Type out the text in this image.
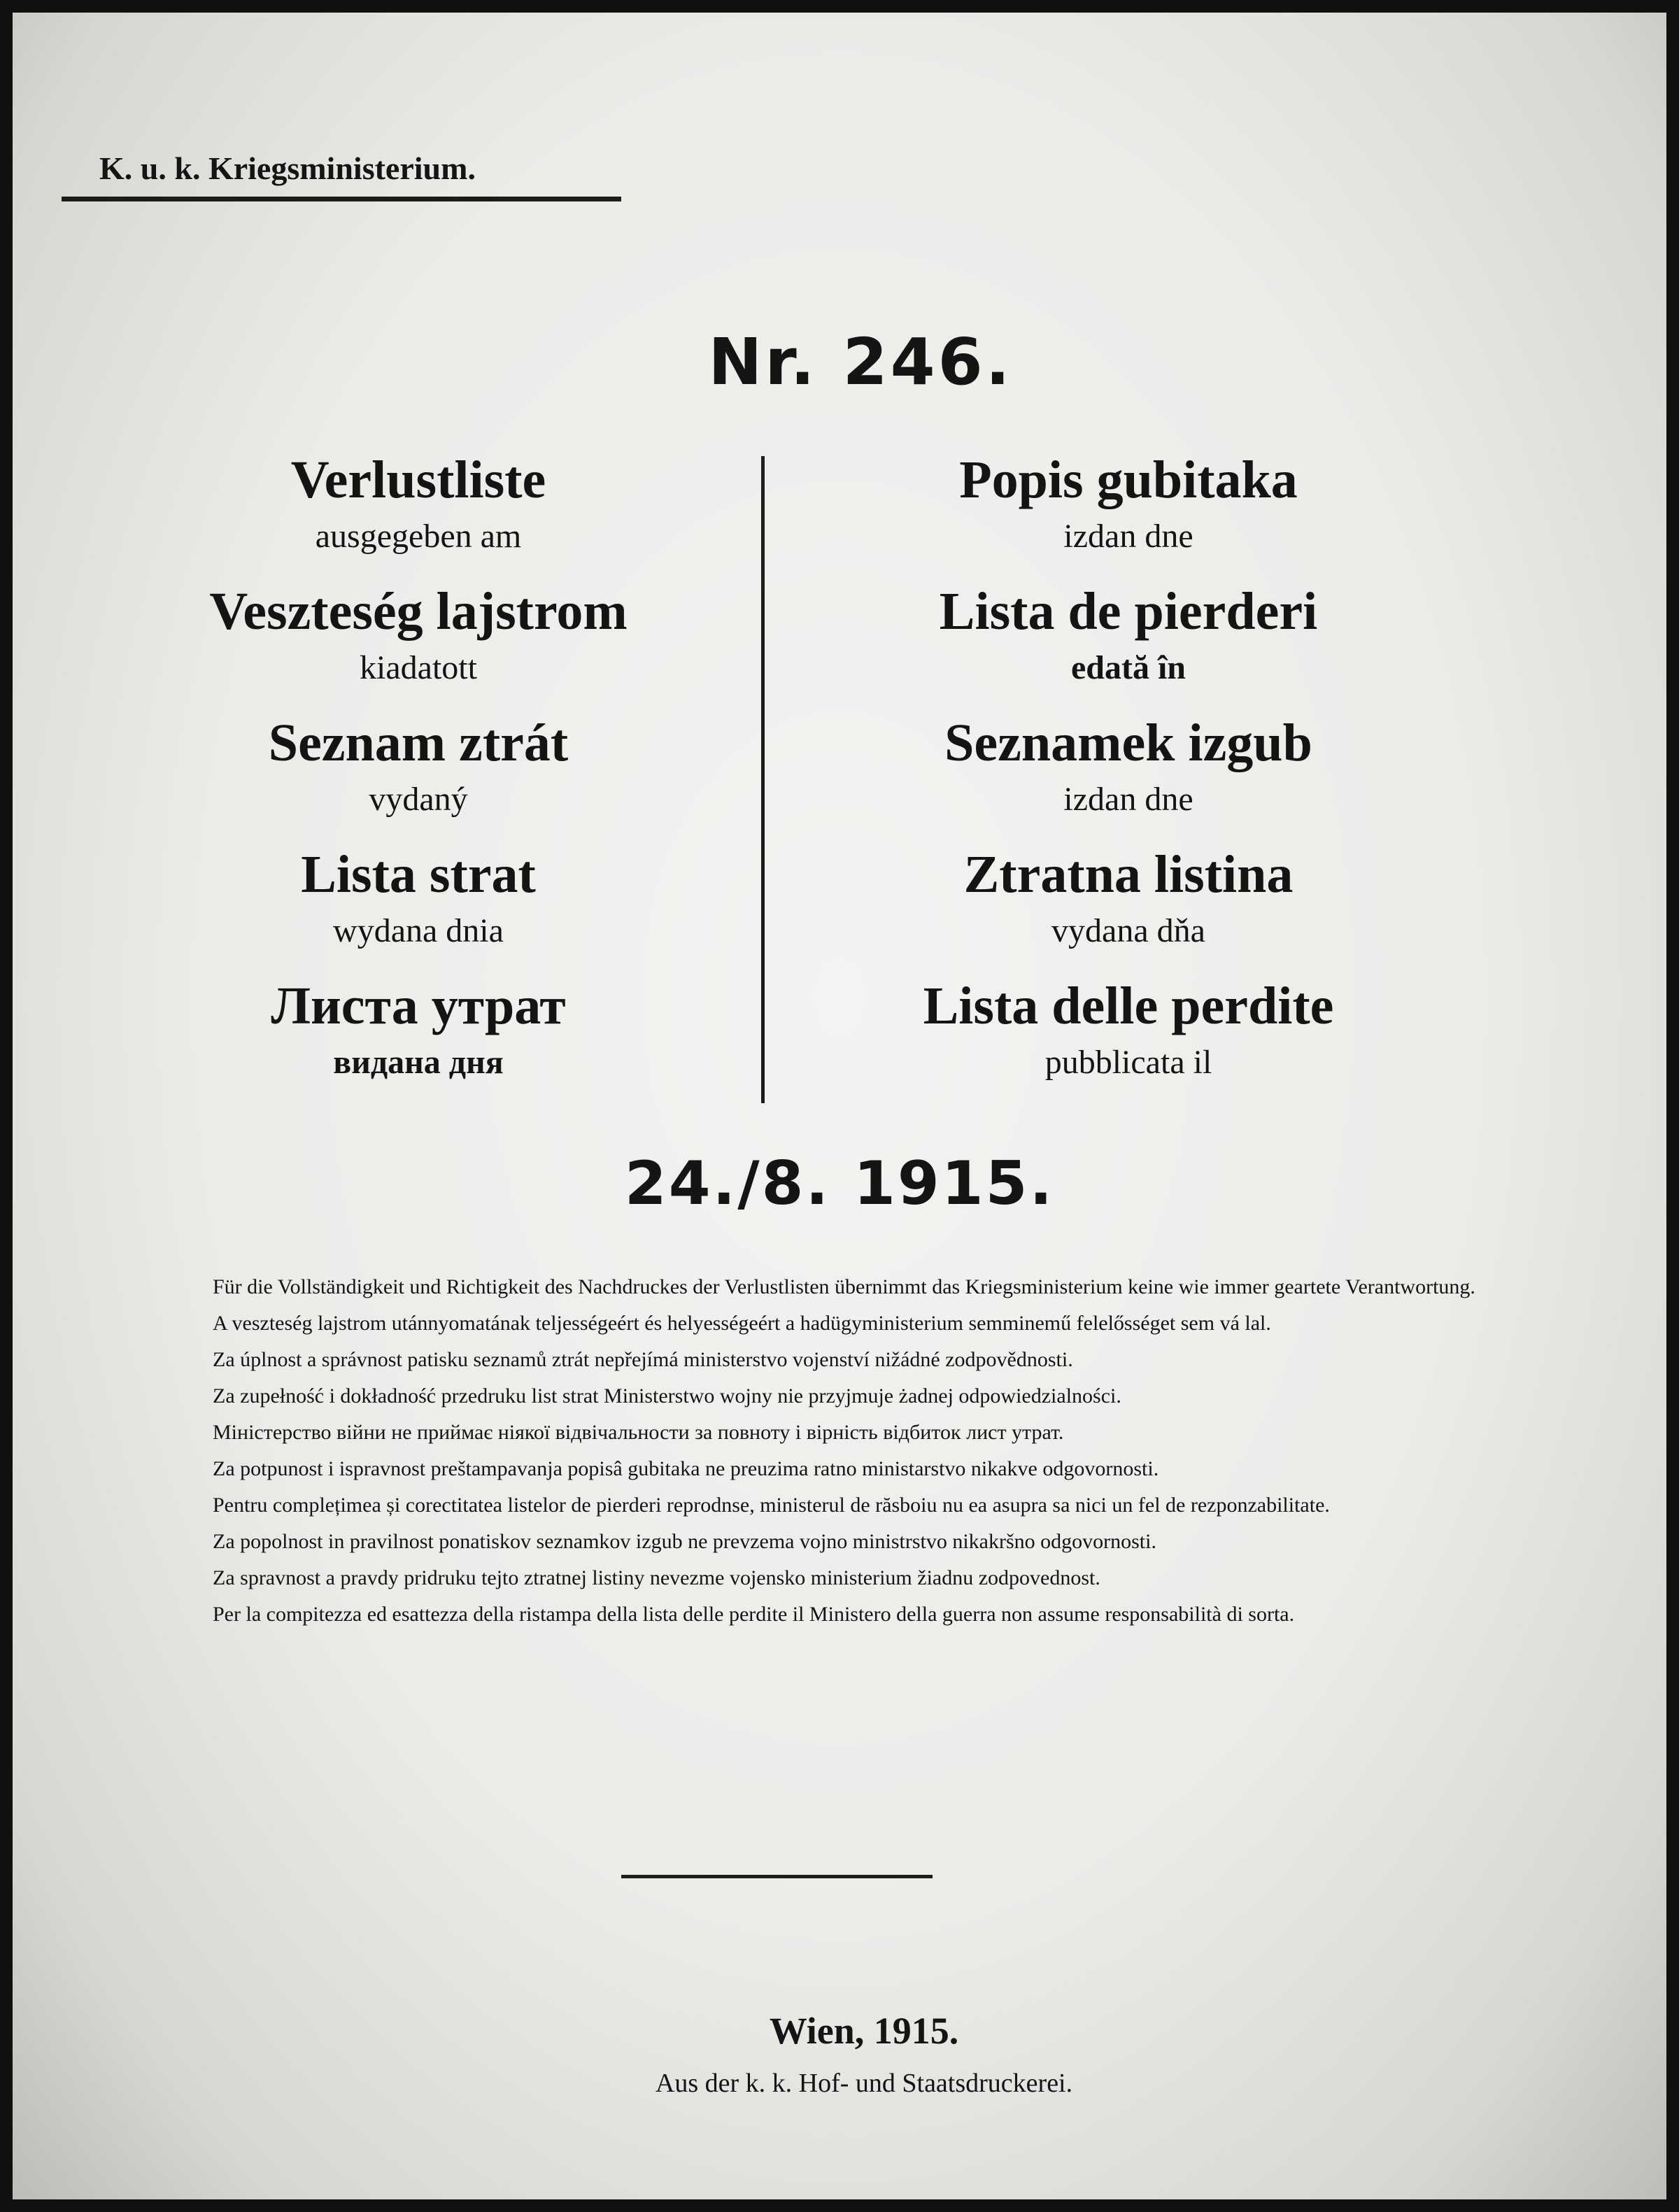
K. u. k. Kriegsministerium.
Nr. 246.
Verlustliste
ausgegeben am
Veszteség lajstrom
kiadatott
Seznam ztrát
vydaný
Lista strat
wydana dnia
Листа утрат
видана дня
Popis gubitaka
izdan dne
Lista de pierderi
edată în
Seznamek izgub
izdan dne
Ztratna listina
vydana dňa
Lista delle perdite
pubblicata il
24./8. 1915.

Für die Vollständigkeit und Richtigkeit des Nachdruckes der Verlustlisten übernimmt das Kriegsministerium keine wie immer geartete Verantwortung.

A veszteség lajstrom utánnyomatának teljességeért és helyességeért a hadügyministerium semminemű felelősséget sem vá lal.

Za úplnost a správnost patisku seznamů ztrát nepřejímá ministerstvo vojenství nižádné zodpovědnosti.

Za zupełność i dokładność przedruku list strat Ministerstwo wojny nie przyjmuje żadnej odpowiedzialności.

Міністерство війни не приймає ніякої відвічальности за повноту і вірність відбиток лист утрат.

Za potpunost i ispravnost preštampavanja popisâ gubitaka ne preuzima ratno ministarstvo nikakve odgovornosti.

Pentru complețimea și corectitatea listelor de pierderi reprodnse, ministerul de răsboiu nu ea asupra sa nici un fel de rezponzabilitate.

Za popolnost in pravilnost ponatiskov seznamkov izgub ne prevzema vojno ministrstvo nikakršno odgovornosti.

Za spravnost a pravdy pridruku tejto ztratnej listiny nevezme vojensko ministerium žiadnu zodpovednost.

Per la compitezza ed esattezza della ristampa della lista delle perdite il Ministero della guerra non assume responsabilità di sorta.

Wien, 1915.
Aus der k. k. Hof- und Staatsdruckerei.
